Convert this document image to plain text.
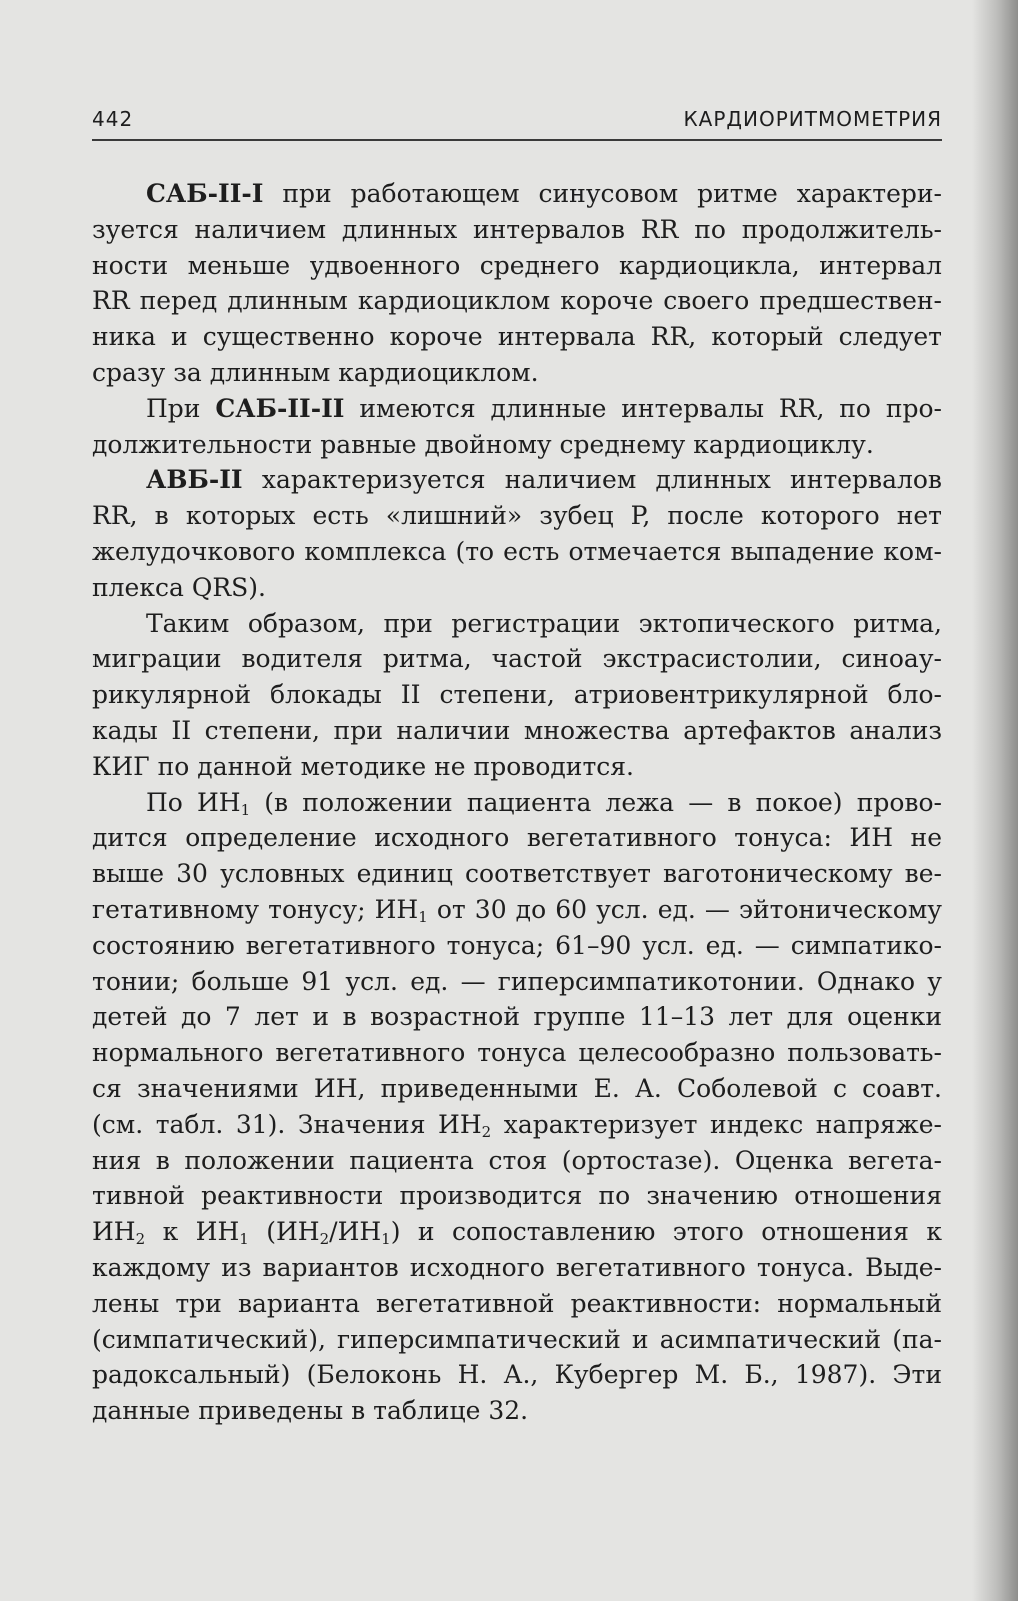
442	КАРДИОРИТМОМЕТРИЯ
САБ-II-I при работающем синусовом ритме характери-
зуется наличием длинных интервалов RR по продолжитель-
ности меньше удвоенного среднего кардиоцикла, интервал
RR перед длинным кардиоциклом короче своего предшествен-
ника и существенно короче интервала RR, который следует
сразу за длинным кардиоциклом.
При САБ-II-II имеются длинные интервалы RR, по про-
должительности равные двойному среднему кардиоциклу.
АВБ-II характеризуется наличием длинных интервалов
RR, в которых есть «лишний» зубец P, после которого нет
желудочкового комплекса (то есть отмечается выпадение ком-
плекса QRS).
Таким образом, при регистрации эктопического ритма,
миграции водителя ритма, частой экстрасистолии, синоау-
рикулярной блокады II степени, атриовентрикулярной бло-
кады II степени, при наличии множества артефактов анализ
КИГ по данной методике не проводится.
По $ИН_1$ (в положении пациента лежа — в покое) прово-
дится определение исходного вегетативного тонуса: ИН не
выше 30 условных единиц соответствует ваготоническому ве-
гетативному тонусу; $ИН_1$ от 30 до 60 усл. ед. — эйтоническому
состоянию вегетативного тонуса; 61–90 усл. ед. — симпатико-
тонии; больше 91 усл. ед. — гиперсимпатикотонии. Однако у
детей до 7 лет и в возрастной группе 11–13 лет для оценки
нормального вегетативного тонуса целесообразно пользовать-
ся значениями ИН, приведенными Е. А. Соболевой с соавт.
(см. табл. 31). Значения $ИН_2$ характеризует индекс напряже-
ния в положении пациента стоя (ортостазе). Оценка вегета-
тивной реактивности производится по значению отношения
$ИН_2$ к $ИН_1$ $(ИН_2/ИН_1)$ и сопоставлению этого отношения к
каждому из вариантов исходного вегетативного тонуса. Выде-
лены три варианта вегетативной реактивности: нормальный
(симпатический), гиперсимпатический и асимпатический (па-
радоксальный) (Белоконь Н. А., Кубергер М. Б., 1987). Эти
данные приведены в таблице 32.
